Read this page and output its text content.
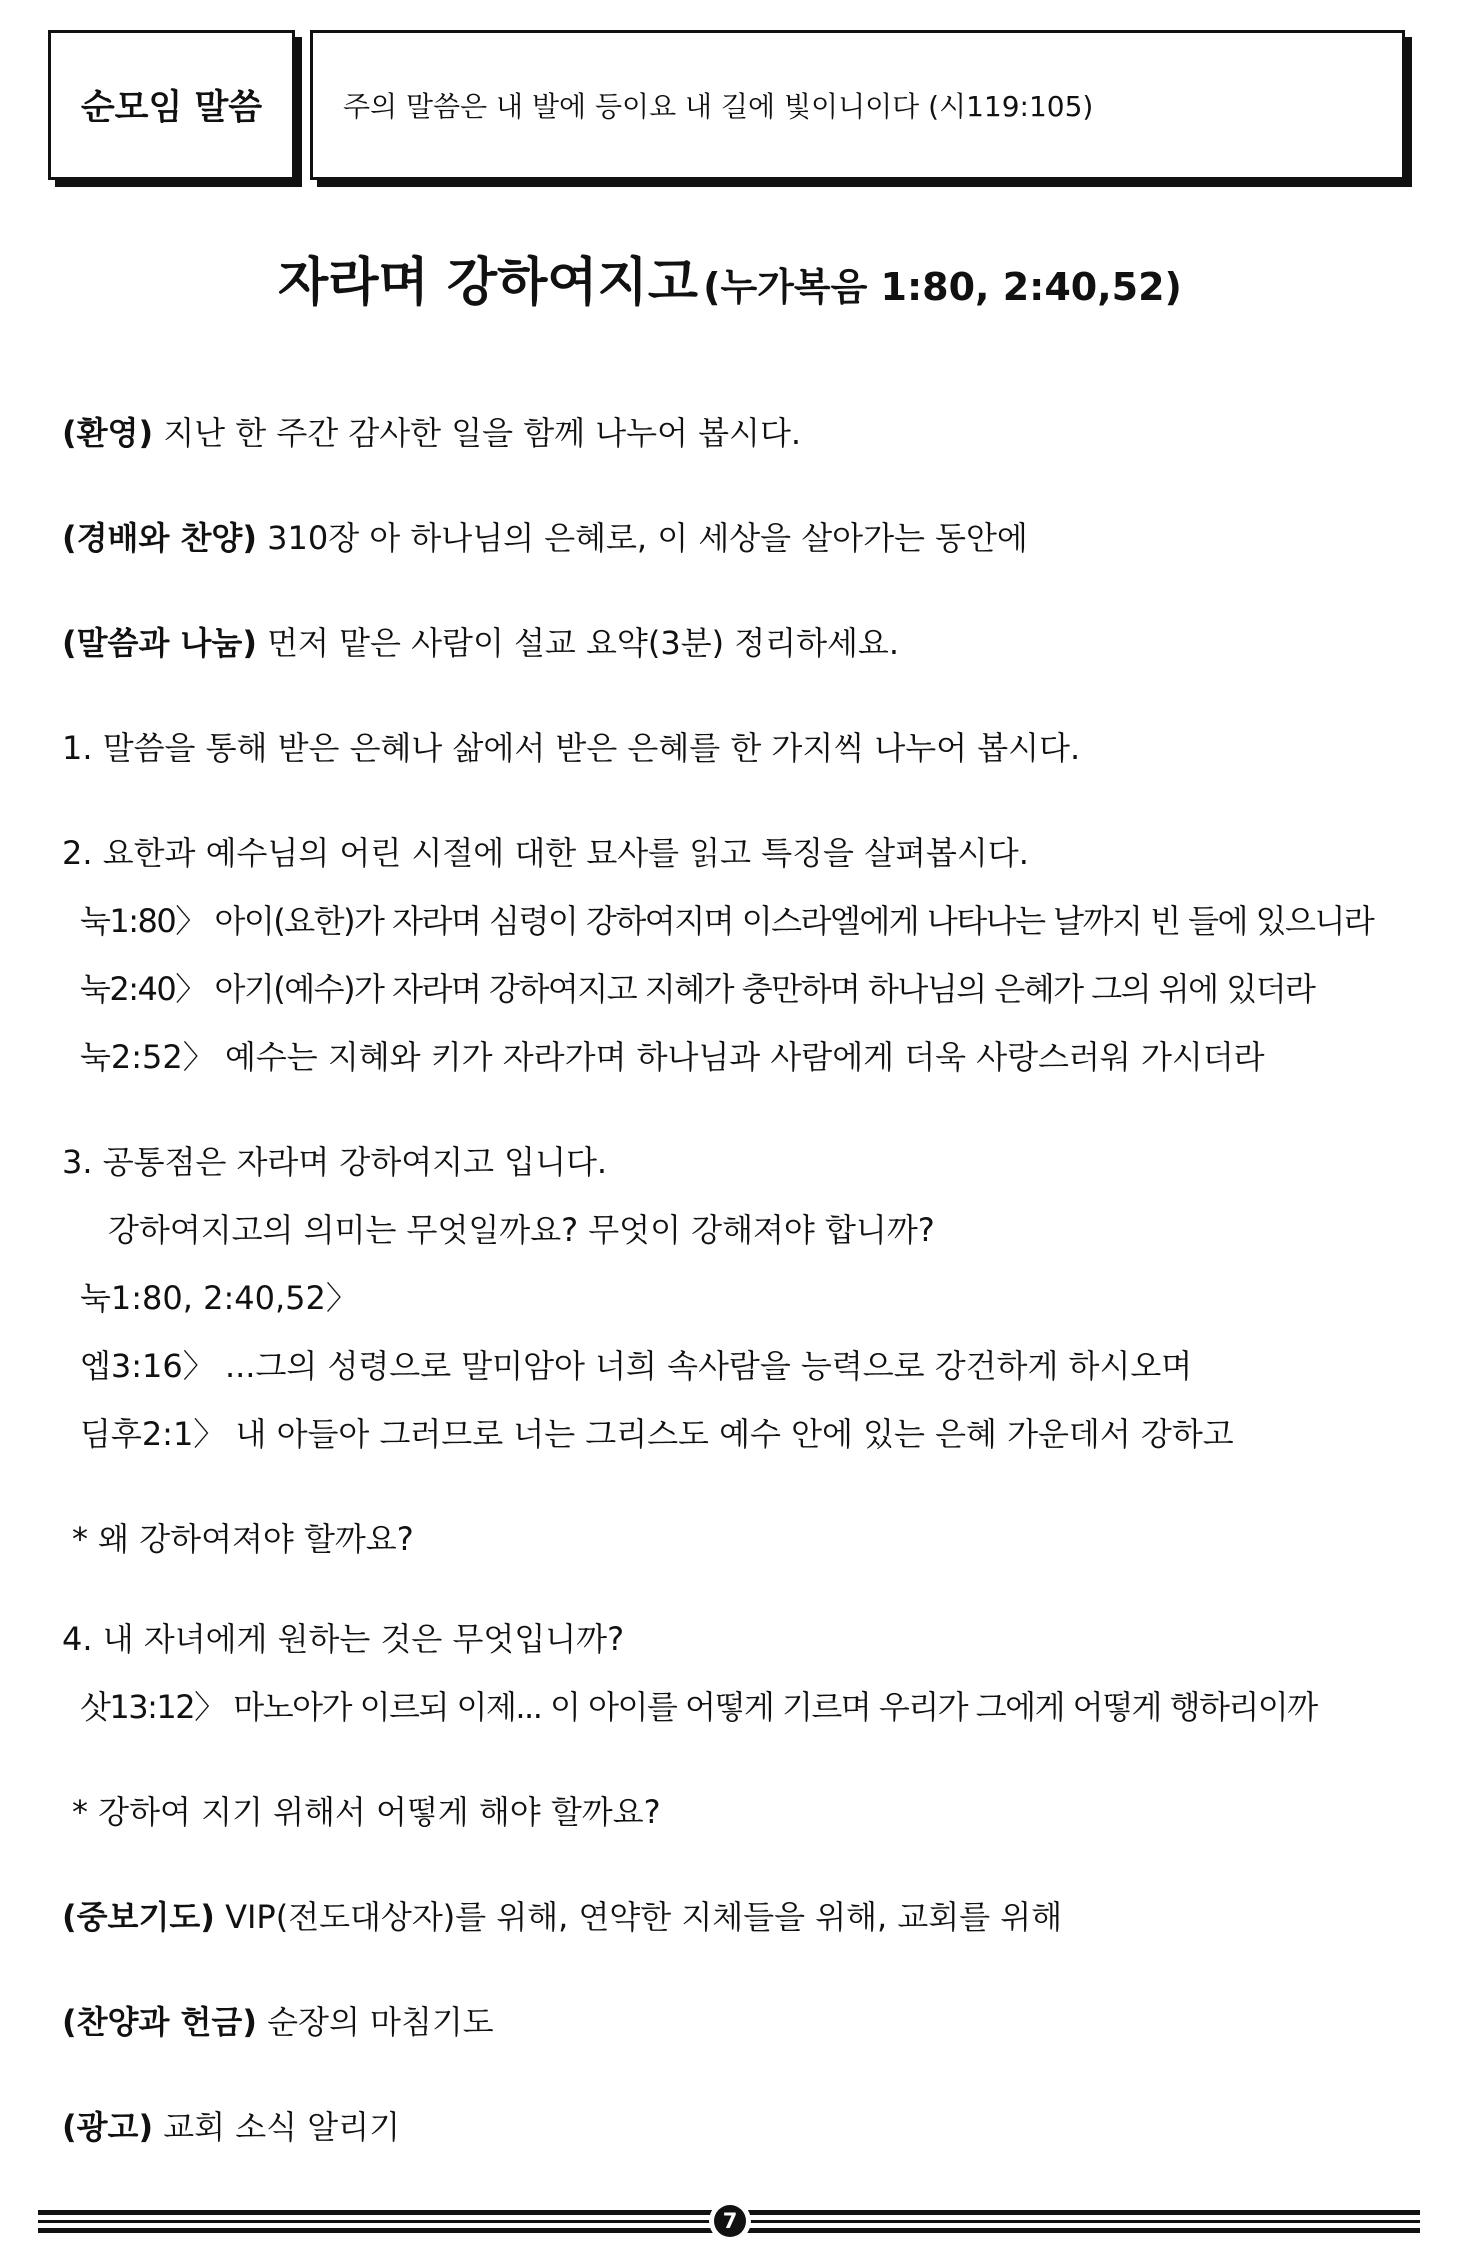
순모임 말씀	주의 말씀은 내 발에 등이요 내 길에 빛이니이다 (시119:105)
자라며 강하여지고 (누가복음 1:80, 2:40,52)
(환영) 지난 한 주간 감사한 일을 함께 나누어 봅시다.
(경배와 찬양) 310장 아 하나님의 은혜로, 이 세상을 살아가는 동안에
(말씀과 나눔) 먼저 맡은 사람이 설교 요약(3분) 정리하세요.
1. 말씀을 통해 받은 은혜나 삶에서 받은 은혜를 한 가지씩 나누어 봅시다.
2. 요한과 예수님의 어린 시절에 대한 묘사를 읽고 특징을 살펴봅시다.
눅1:80〉 아이(요한)가 자라며 심령이 강하여지며 이스라엘에게 나타나는 날까지 빈 들에 있으니라
눅2:40〉 아기(예수)가 자라며 강하여지고 지혜가 충만하며 하나님의 은혜가 그의 위에 있더라
눅2:52〉 예수는 지혜와 키가 자라가며 하나님과 사람에게 더욱 사랑스러워 가시더라
3. 공통점은 자라며 강하여지고 입니다.
강하여지고의 의미는 무엇일까요? 무엇이 강해져야 합니까?
눅1:80, 2:40,52〉
엡3:16〉 ...그의 성령으로 말미암아 너희 속사람을 능력으로 강건하게 하시오며
딤후2:1〉 내 아들아 그러므로 너는 그리스도 예수 안에 있는 은혜 가운데서 강하고
* 왜 강하여져야 할까요?
4. 내 자녀에게 원하는 것은 무엇입니까?
삿13:12〉 마노아가 이르되 이제... 이 아이를 어떻게 기르며 우리가 그에게 어떻게 행하리이까
* 강하여 지기 위해서 어떻게 해야 할까요?
(중보기도) VIP(전도대상자)를 위해, 연약한 지체들을 위해, 교회를 위해
(찬양과 헌금) 순장의 마침기도
(광고) 교회 소식 알리기
7
